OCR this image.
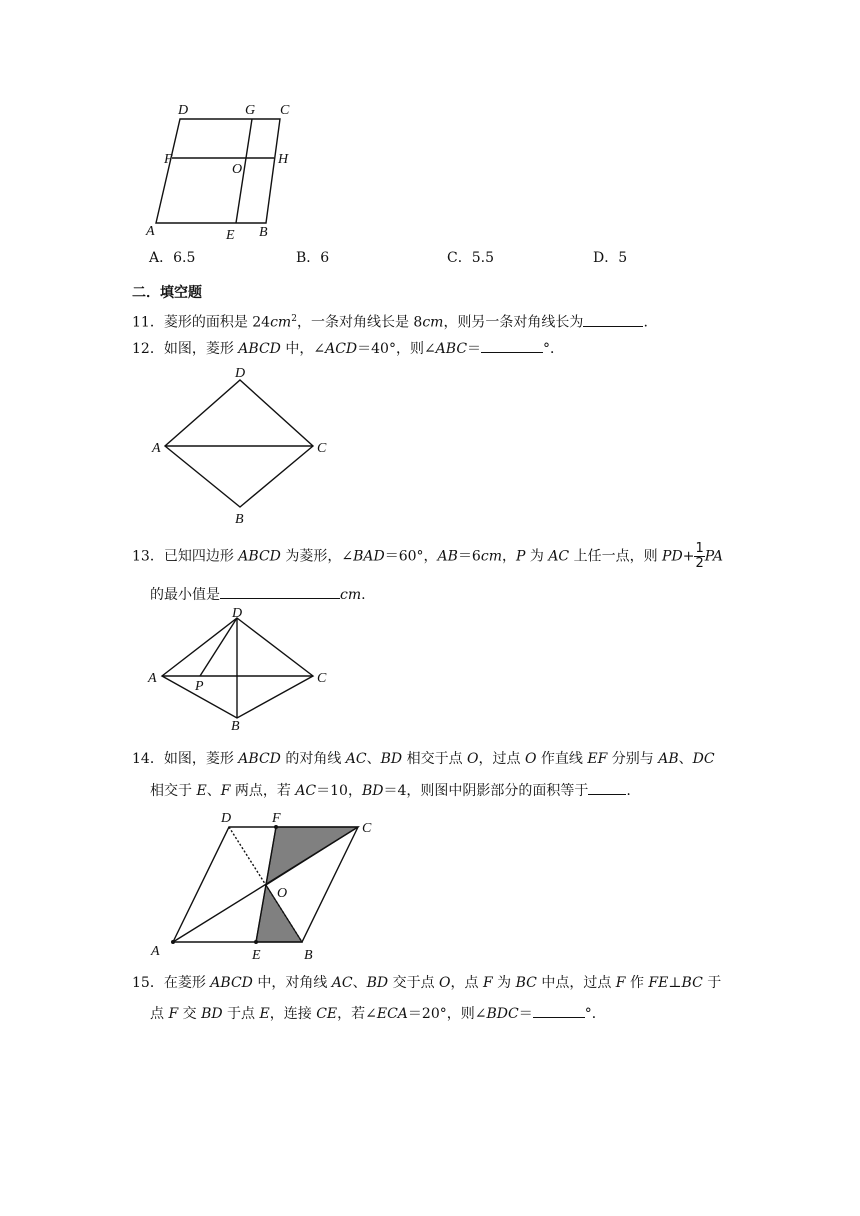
D	G C
F
O
H
A	E B
A．6.5	B．6	C．5.5	D．5
二．填空题
11．菱形的面积是 $24cm^2$，一条对角线长是 8cm，则另一条对角线长为	.
12．如图，菱形 ABCD 中，∠ACD＝40°，则∠ABC＝	°．
D
A	C
B
13．已知四边形 ABCD 为菱形，∠BAD＝60°，AB＝6cm，P 为 AC 上任一点，则 $PD+ \frac{1}{2}$ PA
的最小值是	cm.
D
A
P
C
B
14．如图，菱形 ABCD 的对角线 AC、BD 相交于点 O，过点 O 作直线 EF 分别与 AB、DC
相交于 E、F 两点，若 AC＝10，BD＝4，则图中阴影部分的面积等于	.
D	F
C
O
A	E	B
15．在菱形 ABCD 中，对角线 AC、BD 交于点 O，点 F 为 BC 中点，过点 F 作 FE⊥BC 于
点 F 交 BD 于点 E，连接 CE，若∠ECA＝20°，则∠BDC＝	°．
